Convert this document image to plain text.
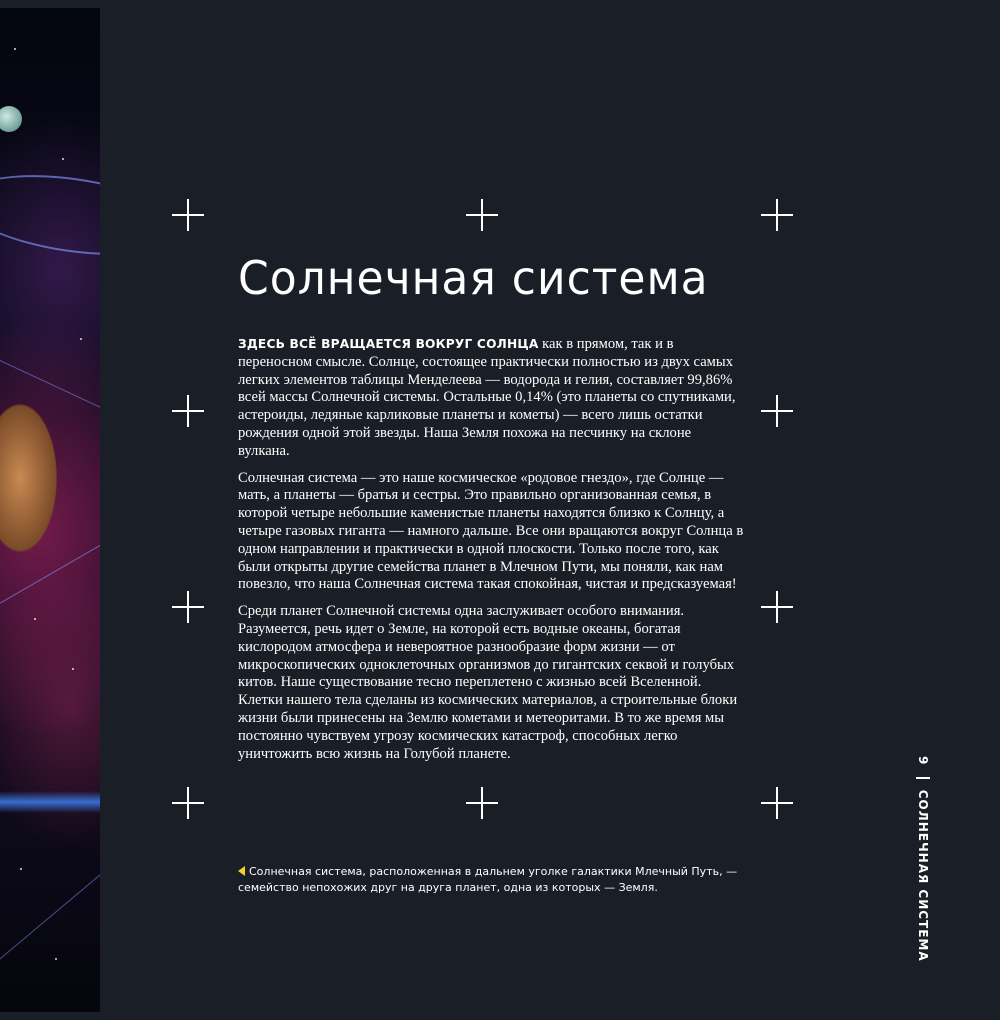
Солнечная система

ЗДЕСЬ ВСЁ ВРАЩАЕТСЯ ВОКРУГ СОЛНЦА как в прямом, так и в переносном смысле. Солнце, состоящее практически полностью из двух самых легких элементов таблицы Менделеева — водорода и гелия, составляет 99,86% всей массы Солнечной системы. Остальные 0,14% (это планеты со спутниками, астероиды, ледяные карликовые планеты и кометы) — всего лишь остатки рождения одной этой звезды. Наша Земля похожа на песчинку на склоне вулкана.

Солнечная система — это наше космическое «родовое гнездо», где Солнце — мать, а планеты — братья и сестры. Это правильно организованная семья, в которой четыре небольшие каменистые планеты находятся близко к Солнцу, а четыре газовых гиганта — намного дальше. Все они вращаются вокруг Солнца в одном направлении и практически в одной плоскости. Только после того, как были открыты другие семейства планет в Млечном Пути, мы поняли, как нам повезло, что наша Солнечная система такая спокойная, чистая и предсказуемая!

Среди планет Солнечной системы одна заслуживает особого внимания. Разумеется, речь идет о Земле, на которой есть водные океаны, богатая кислородом атмосфера и невероятное разнообразие форм жизни — от микроскопических одноклеточных организмов до гигантских секвой и голубых китов. Наше существование тесно переплетено с жизнью всей Вселенной. Клетки нашего тела сделаны из космических материалов, а строительные блоки жизни были принесены на Землю кометами и метеоритами. В то же время мы постоянно чувствуем угрозу космических катастроф, способных легко уничтожить всю жизнь на Голубой планете.

Солнечная система, расположенная в дальнем уголке галактики Млечный Путь, — семейство непохожих друг на друга планет, одна из которых — Земля.
9  СОЛНЕЧНАЯ СИСТЕМА
